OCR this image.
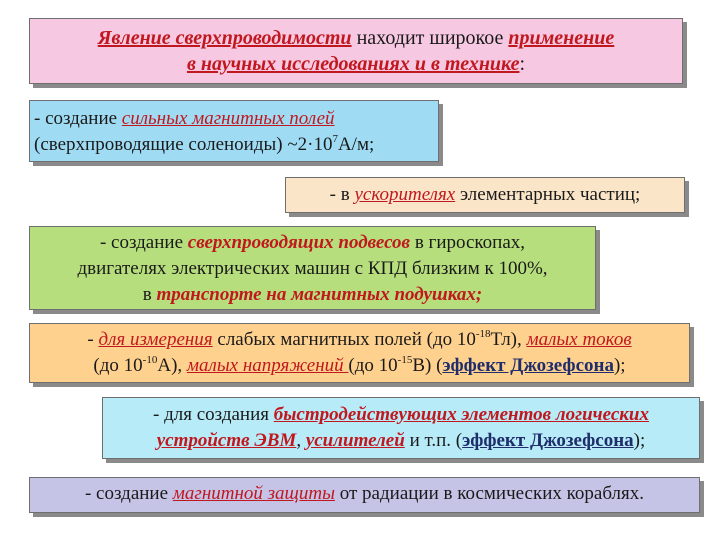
Явление сверхпроводимости находит широкое применение
в научных исследованиях и в технике:
- создание сильных магнитных полей
(сверхпроводящие соленоиды) $\sim 2\cdot 10^7А/м$;
- в ускорителях элементарных частиц;
- создание сверхпроводящих подвесов в гироскопах,
двигателях электрических машин с КПД близким к 100%,
в транспорте на магнитных подушках;
- для измерения слабых магнитных полей (до $10^{-18}Тл$), малых токов
(до $10^{-10}А$), малых напряжений (до $10^{-15}В$) (эффект Джозефсона);
- для создания быстродействующих элементов логических
устройств ЭВМ, усилителей и т.п. (эффект Джозефсона);
- создание магнитной защиты от радиации в космических кораблях.
